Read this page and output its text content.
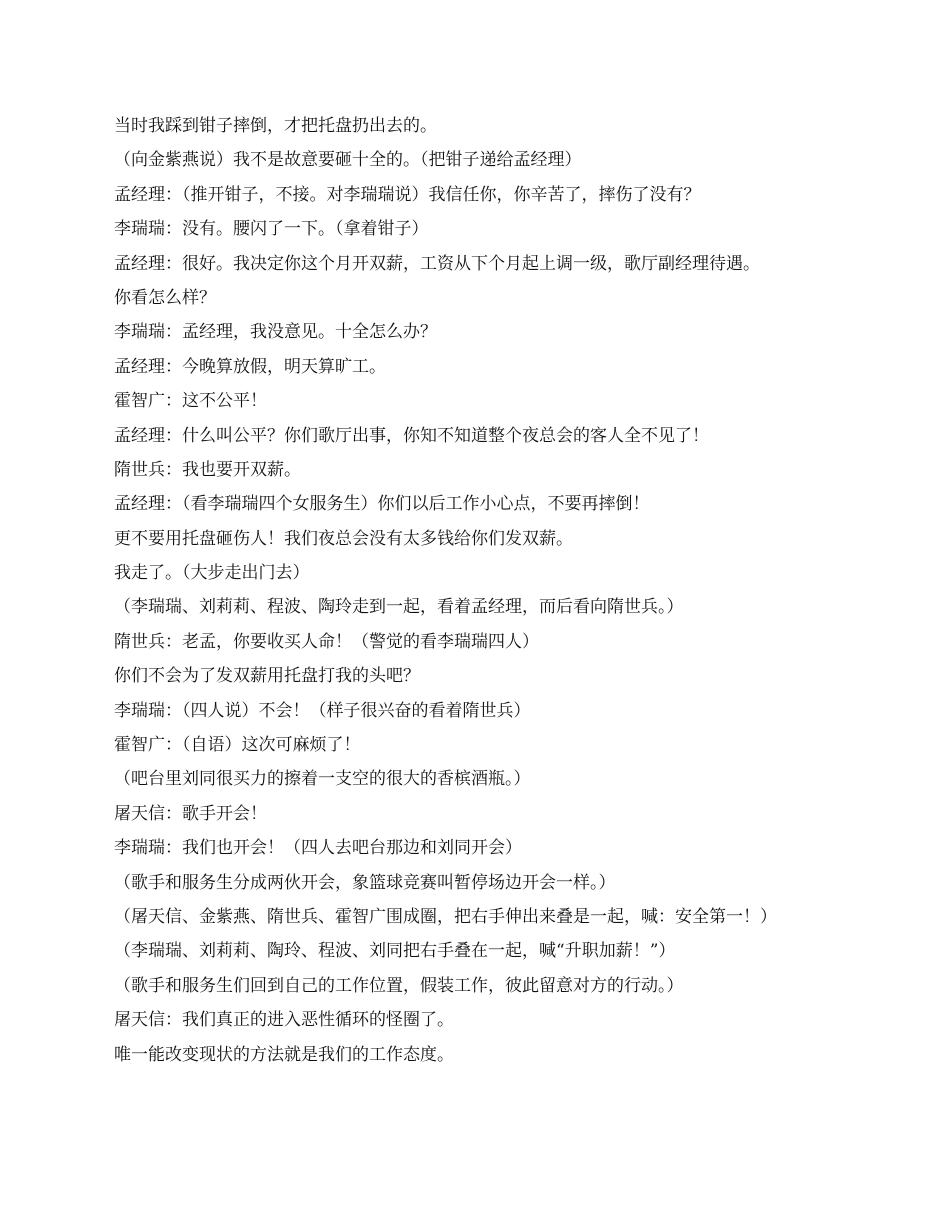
当时我踩到钳子摔倒，才把托盘扔出去的。
（向金紫燕说）我不是故意要砸十全的。（把钳子递给孟经理）
孟经理：（推开钳子，不接。对李瑞瑞说）我信任你，你辛苦了，摔伤了没有？
李瑞瑞：没有。腰闪了一下。（拿着钳子）
孟经理：很好。我决定你这个月开双薪，工资从下个月起上调一级，歌厅副经理待遇。
你看怎么样？
李瑞瑞：孟经理，我没意见。十全怎么办？
孟经理：今晚算放假，明天算旷工。
霍智广：这不公平！
孟经理：什么叫公平？你们歌厅出事，你知不知道整个夜总会的客人全不见了！
隋世兵：我也要开双薪。
孟经理：（看李瑞瑞四个女服务生）你们以后工作小心点，不要再摔倒！
更不要用托盘砸伤人！我们夜总会没有太多钱给你们发双薪。
我走了。（大步走出门去）
（李瑞瑞、刘莉莉、程波、陶玲走到一起，看着孟经理，而后看向隋世兵。）
隋世兵：老孟，你要收买人命！（警觉的看李瑞瑞四人）
你们不会为了发双薪用托盘打我的头吧？
李瑞瑞：（四人说）不会！（样子很兴奋的看着隋世兵）
霍智广：（自语）这次可麻烦了！
（吧台里刘同很买力的擦着一支空的很大的香槟酒瓶。）
屠天信：歌手开会！
李瑞瑞：我们也开会！（四人去吧台那边和刘同开会）
（歌手和服务生分成两伙开会，象篮球竞赛叫暂停场边开会一样。）
（屠天信、金紫燕、隋世兵、霍智广围成圈，把右手伸出来叠是一起，喊：安全第一！）
（李瑞瑞、刘莉莉、陶玲、程波、刘同把右手叠在一起，喊“升职加薪！”）
（歌手和服务生们回到自己的工作位置，假装工作，彼此留意对方的行动。）
屠天信：我们真正的进入恶性循环的怪圈了。
唯一能改变现状的方法就是我们的工作态度。
